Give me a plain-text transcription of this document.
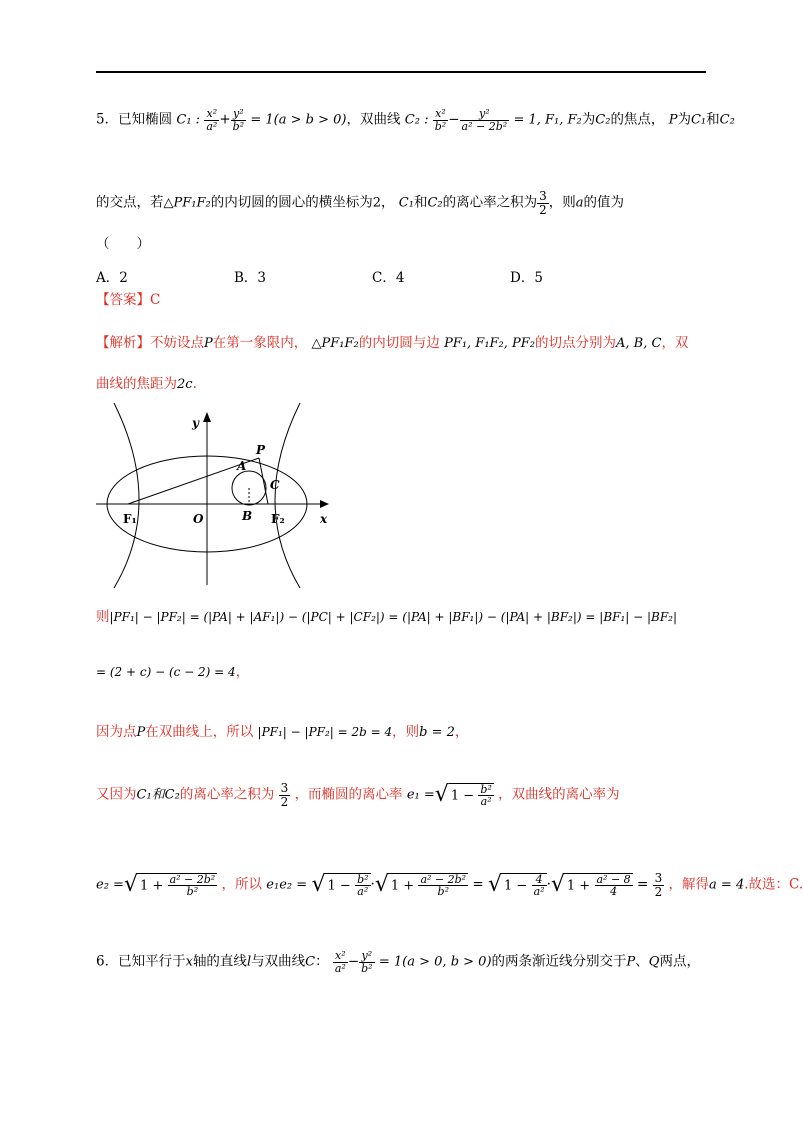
5．已知椭圆 C₁ : $\frac{\text{x²}}{\text{a²}} + \frac{\text{y²}}{\text{b²}} = 1(a > b > 0)$，双曲线 C₂ : $\frac{\text{x²}}{\text{b²}} - \frac{\text{y²}}{\text{a² − 2b²}} = 1$, F₁, F₂为C₂的焦点， P为C₁和C₂
的交点，若△PF₁F₂的内切圆的圆心的横坐标为2， C₁和C₂的离心率之积为 $\frac{3}{2}$ ，则a的值为
（　　）
A．2	B．3	C．4	D．5
【答案】C
【解析】不妨设点P在第一象限内， △PF₁F₂的内切圆与边 PF₁, F₁F₂, PF₂的切点分别为A, B, C，双
曲线的焦距为2c.
y
x
P
A
C
B
O
F₁	F₂
则|PF₁| − |PF₂| = (|PA| + |AF₁|) − (|PC| + |CF₂|) = (|PA| + |BF₁|) − (|PA| + |BF₂|) = |BF₁| − |BF₂|
= (2 + c) − (c − 2) = 4，
因为点P在双曲线上，所以 |PF₁| − |PF₂| = 2b = 4，则b = 2，
又因为C₁和C₂的离心率之积为 $\frac{3}{2}$ ，而椭圆的离心率 e₁ =√ $1 - \frac{\text{b²}}{\text{a²}}$ ，双曲线的离心率为
e₂ =√ $1 + \frac{\text{a² − 2b²}}{\text{b²}}$ ，所以 e₁e₂ = √ $1 - \frac{\text{b²}}{\text{a²}}$ ·√ $1 + \frac{\text{a² − 2b²}}{\text{b²}}$ = √ $1 - \frac{4}{\text{a²}}$ ·√ $1 + \frac{\text{a² − 8}}{4} = \frac{3}{2}$ ，解得a = 4.故选：C.
6．已知平行于x轴的直线l与双曲线C： $\frac{\text{x²}}{\text{a²}} - \frac{\text{y²}}{\text{b²}} = 1(a > 0$, b > 0)的两条渐近线分别交于P、Q两点，
